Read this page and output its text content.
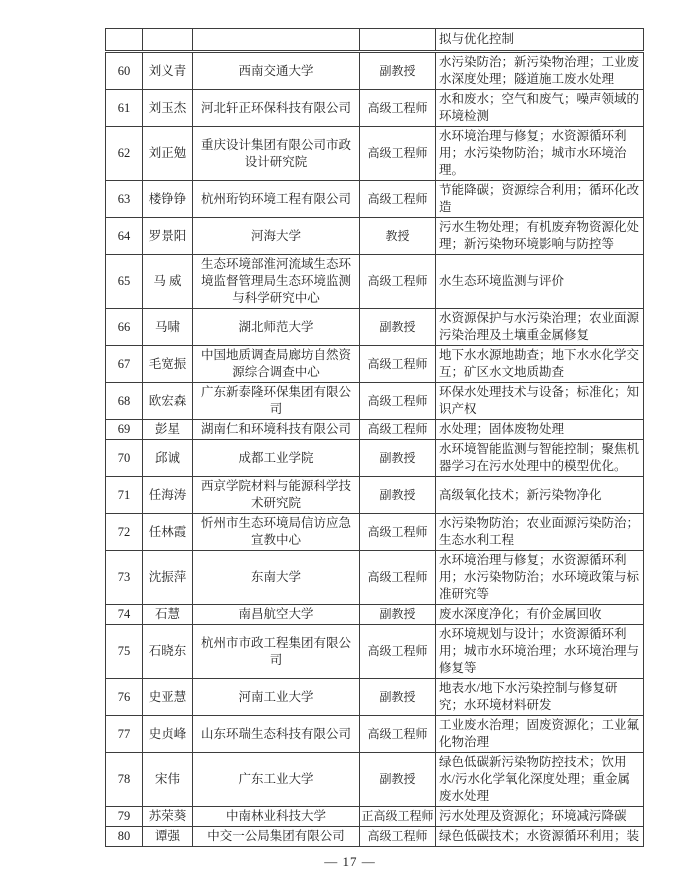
				拟与优化控制
60	刘义青	西南交通大学	副教授	水污染防治；新污染物治理；工业废水深度处理；隧道施工废水处理
61	刘玉杰	河北轩正环保科技有限公司	高级工程师	水和废水；空气和废气；噪声领域的环境检测
62	刘正勉	重庆设计集团有限公司市政设计研究院	高级工程师	水环境治理与修复；水资源循环利用；水污染物防治；城市水环境治理。
63	楼铮铮	杭州珩钧环境工程有限公司	高级工程师	节能降碳；资源综合利用；循环化改造
64	罗景阳	河海大学	教授	污水生物处理；有机废弃物资源化处理；新污染物环境影响与防控等
65	马 威	生态环境部淮河流域生态环境监督管理局生态环境监测与科学研究中心	高级工程师	水生态环境监测与评价
66	马啸	湖北师范大学	副教授	水资源保护与水污染治理；农业面源污染治理及土壤重金属修复
67	毛宽振	中国地质调查局廊坊自然资源综合调查中心	高级工程师	地下水水源地勘查；地下水水化学交互；矿区水文地质勘查
68	欧宏森	广东新泰隆环保集团有限公司	高级工程师	环保水处理技术与设备；标准化；知识产权
69	彭星	湖南仁和环境科技有限公司	高级工程师	水处理；固体废物处理
70	邱诚	成都工业学院	副教授	水环境智能监测与智能控制；聚焦机器学习在污水处理中的模型优化。
71	任海涛	西京学院材料与能源科学技术研究院	副教授	高级氧化技术；新污染物净化
72	任林霞	忻州市生态环境局信访应急宣教中心	高级工程师	水污染物防治；农业面源污染防治；生态水利工程
73	沈振萍	东南大学	高级工程师	水环境治理与修复；水资源循环利用；水污染物防治；水环境政策与标准研究等
74	石慧	南昌航空大学	副教授	废水深度净化；有价金属回收
75	石晓东	杭州市市政工程集团有限公司	高级工程师	水环境规划与设计；水资源循环利用；城市水环境治理；水环境治理与修复等
76	史亚慧	河南工业大学	副教授	地表水/地下水污染控制与修复研究；水环境材料研发
77	史贞峰	山东环瑞生态科技有限公司	高级工程师	工业废水治理；固废资源化；工业氟化物治理
78	宋伟	广东工业大学	副教授	绿色低碳新污染物防控技术；饮用水/污水化学氧化深度处理；重金属废水处理
79	苏荣葵	中南林业科技大学	正高级工程师	污水处理及资源化；环境减污降碳
80	谭强	中交一公局集团有限公司	高级工程师	绿色低碳技术；水资源循环利用；装
— 17 —
